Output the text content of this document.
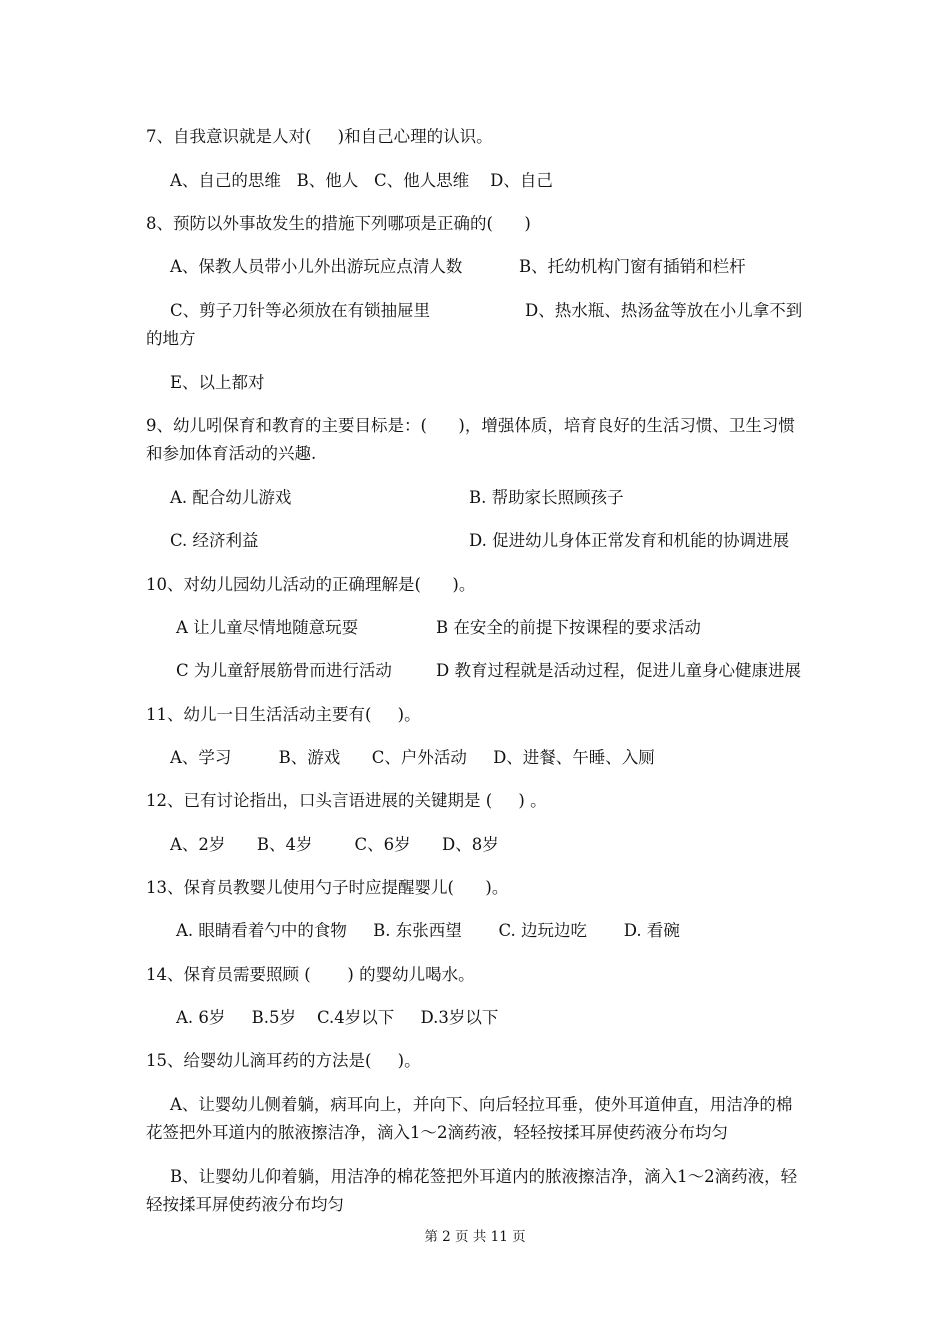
7、自我意识就是人对(     )和自己心理的认识。
A、自己的思维   B、他人   C、他人思维    D、自己
8、预防以外事故发生的措施下列哪项是正确的(      )
A、保教人员带小儿外出游玩应点清人数	B、托幼机构门窗有插销和栏杆
C、剪子刀针等必须放在有锁抽屉里	D、热水瓶、热汤盆等放在小儿拿不到
的地方
E、以上都对
9、幼儿吲保育和教育的主要目标是：(      )，增强体质，培育良好的生活习惯、卫生习惯
和参加体育活动的兴趣.
A. 配合幼儿游戏	B. 帮助家长照顾孩子
C. 经济利益	D. 促进幼儿身体正常发育和机能的协调进展
10、对幼儿园幼儿活动的正确理解是(      )。
A 让儿童尽情地随意玩耍	B 在安全的前提下按课程的要求活动
C 为儿童舒展筋骨而进行活动	D 教育过程就是活动过程，促进儿童身心健康进展
11、幼儿一日生活活动主要有(     )。
A、学习         B、游戏      C、户外活动     D、进餐、午睡、入厕
12、已有讨论指出，口头言语进展的关键期是 (     ) 。
A、2岁      B、4岁        C、6岁      D、8岁
13、保育员教婴儿使用勺子时应提醒婴儿(      )。
A. 眼睛看着勺中的食物     B. 东张西望       C. 边玩边吃       D. 看碗
14、保育员需要照顾 (       ) 的婴幼儿喝水。
A. 6岁     B.5岁    C.4岁以下     D.3岁以下
15、给婴幼儿滴耳药的方法是(     )。
A、让婴幼儿侧着躺，病耳向上，并向下、向后轻拉耳垂，使外耳道伸直，用洁净的棉
花签把外耳道内的脓液擦洁净，滴入1～2滴药液，轻轻按揉耳屏使药液分布均匀
B、让婴幼儿仰着躺，用洁净的棉花签把外耳道内的脓液擦洁净，滴入1～2滴药液，轻
轻按揉耳屏使药液分布均匀
第 2 页 共 11 页
